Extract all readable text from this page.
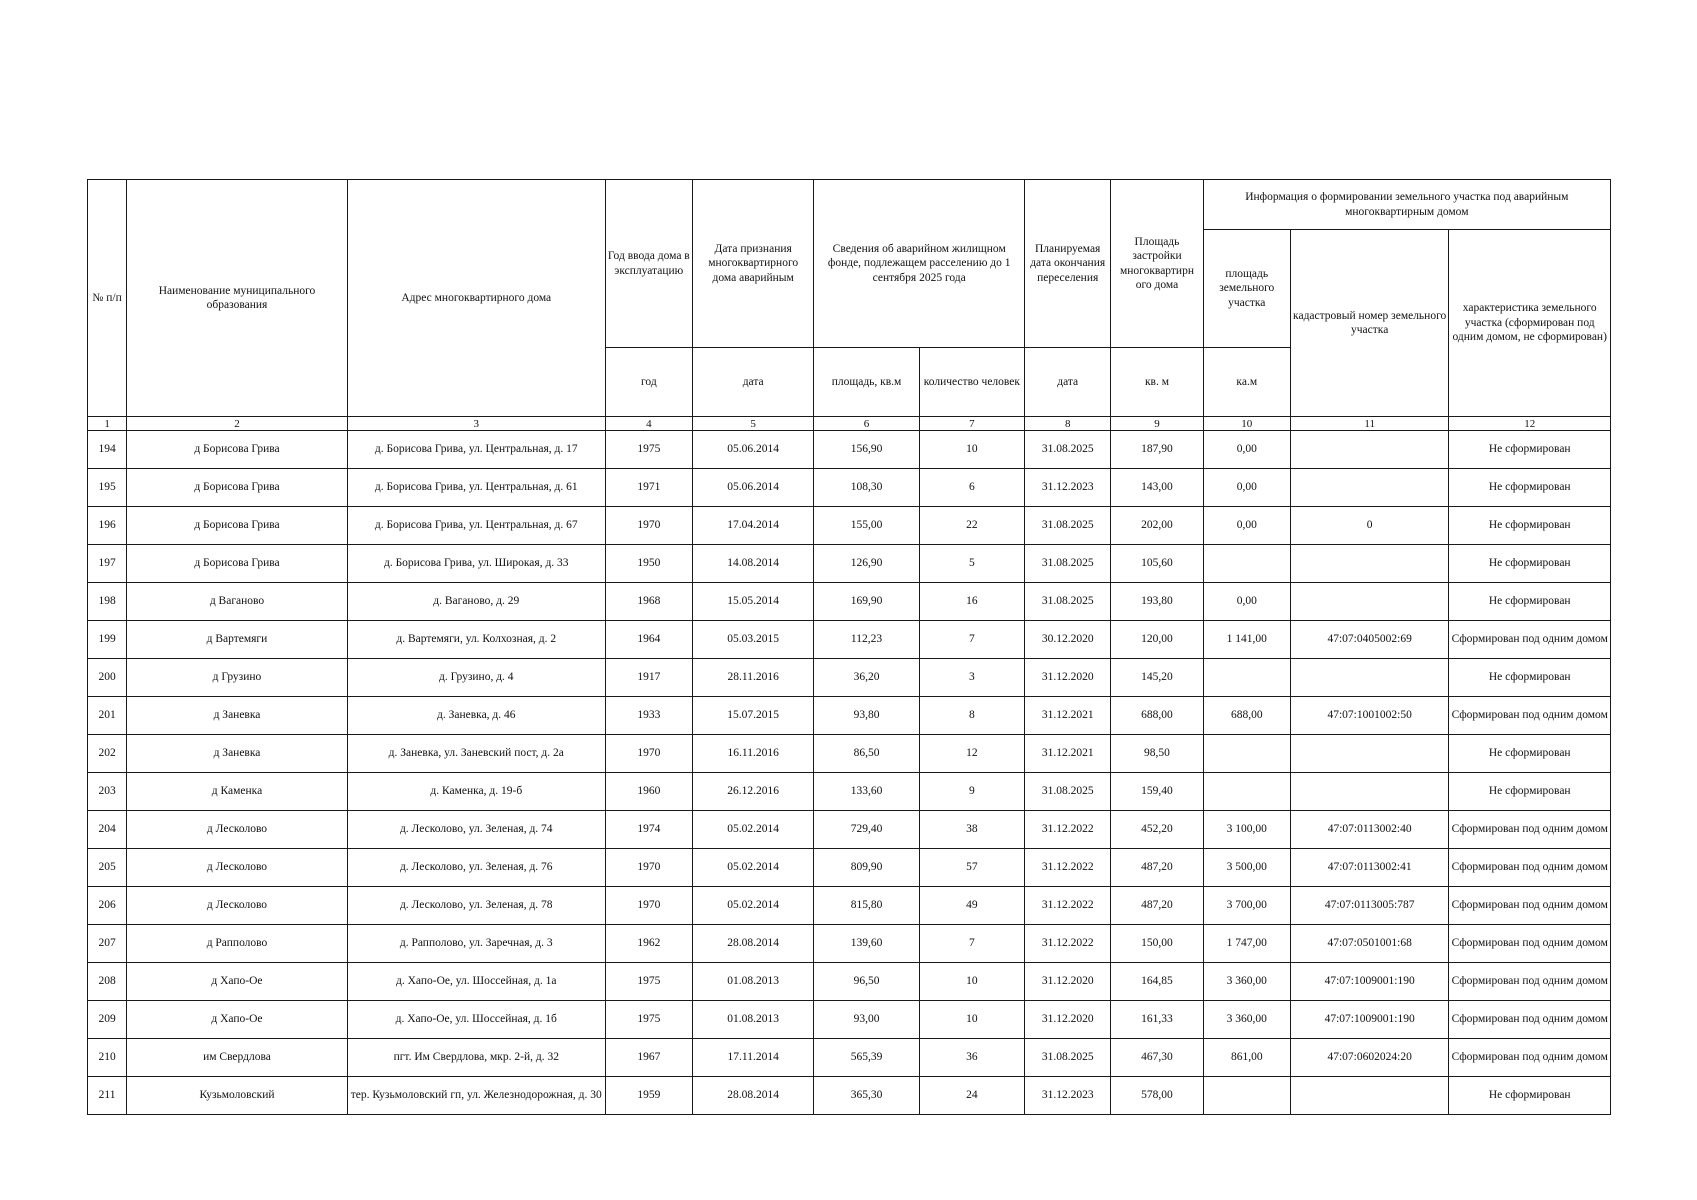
№ п/п	Наименование муниципального образования	Адрес многоквартирного дома	Год ввода дома в эксплуатацию	Дата признания многоквартирного дома аварийным	Сведения об аварийном жилищном фонде, подлежащем расселению до 1 сентября 2025 года		Планируемая дата окончания переселения	Площадь застройки многоквартирн ого дома	Информация о формировании земельного участка под аварийным многоквартирным домом		
									площадь земельного участка	кадастровый номер земельного участка	характеристика земельного участка (сформирован под одним домом, не сформирован)
			год	дата	площадь, кв.м	количество человек	дата	кв. м	ка.м		
1	2	3	4	5	6	7	8	9	10	11	12
194	д Борисова Грива	д. Борисова Грива, ул. Центральная, д. 17	1975	05.06.2014	156,90	10	31.08.2025	187,90	0,00		Не сформирован
195	д Борисова Грива	д. Борисова Грива, ул. Центральная, д. 61	1971	05.06.2014	108,30	6	31.12.2023	143,00	0,00		Не сформирован
196	д Борисова Грива	д. Борисова Грива, ул. Центральная, д. 67	1970	17.04.2014	155,00	22	31.08.2025	202,00	0,00	0	Не сформирован
197	д Борисова Грива	д. Борисова Грива, ул. Широкая, д. 33	1950	14.08.2014	126,90	5	31.08.2025	105,60			Не сформирован
198	д Ваганово	д. Ваганово, д. 29	1968	15.05.2014	169,90	16	31.08.2025	193,80	0,00		Не сформирован
199	д Вартемяги	д. Вартемяги, ул. Колхозная, д. 2	1964	05.03.2015	112,23	7	30.12.2020	120,00	1 141,00	47:07:0405002:69	Сформирован под одним домом
200	д Грузино	д. Грузино, д. 4	1917	28.11.2016	36,20	3	31.12.2020	145,20			Не сформирован
201	д Заневка	д. Заневка, д. 46	1933	15.07.2015	93,80	8	31.12.2021	688,00	688,00	47:07:1001002:50	Сформирован под одним домом
202	д Заневка	д. Заневка, ул. Заневский пост, д. 2а	1970	16.11.2016	86,50	12	31.12.2021	98,50			Не сформирован
203	д Каменка	д. Каменка, д. 19-б	1960	26.12.2016	133,60	9	31.08.2025	159,40			Не сформирован
204	д Лесколово	д. Лесколово, ул. Зеленая, д. 74	1974	05.02.2014	729,40	38	31.12.2022	452,20	3 100,00	47:07:0113002:40	Сформирован под одним домом
205	д Лесколово	д. Лесколово, ул. Зеленая, д. 76	1970	05.02.2014	809,90	57	31.12.2022	487,20	3 500,00	47:07:0113002:41	Сформирован под одним домом
206	д Лесколово	д. Лесколово, ул. Зеленая, д. 78	1970	05.02.2014	815,80	49	31.12.2022	487,20	3 700,00	47:07:0113005:787	Сформирован под одним домом
207	д Рапполово	д. Рапполово, ул. Заречная, д. 3	1962	28.08.2014	139,60	7	31.12.2022	150,00	1 747,00	47:07:0501001:68	Сформирован под одним домом
208	д Хапо-Ое	д. Хапо-Ое, ул. Шоссейная, д. 1а	1975	01.08.2013	96,50	10	31.12.2020	164,85	3 360,00	47:07:1009001:190	Сформирован под одним домом
209	д Хапо-Ое	д. Хапо-Ое, ул. Шоссейная, д. 1б	1975	01.08.2013	93,00	10	31.12.2020	161,33	3 360,00	47:07:1009001:190	Сформирован под одним домом
210	им Свердлова	пгт. Им Свердлова, мкр. 2-й, д. 32	1967	17.11.2014	565,39	36	31.08.2025	467,30	861,00	47:07:0602024:20	Сформирован под одним домом
211	Кузьмоловский	тер. Кузьмоловский гп, ул. Железнодорожная, д. 30	1959	28.08.2014	365,30	24	31.12.2023	578,00			Не сформирован
